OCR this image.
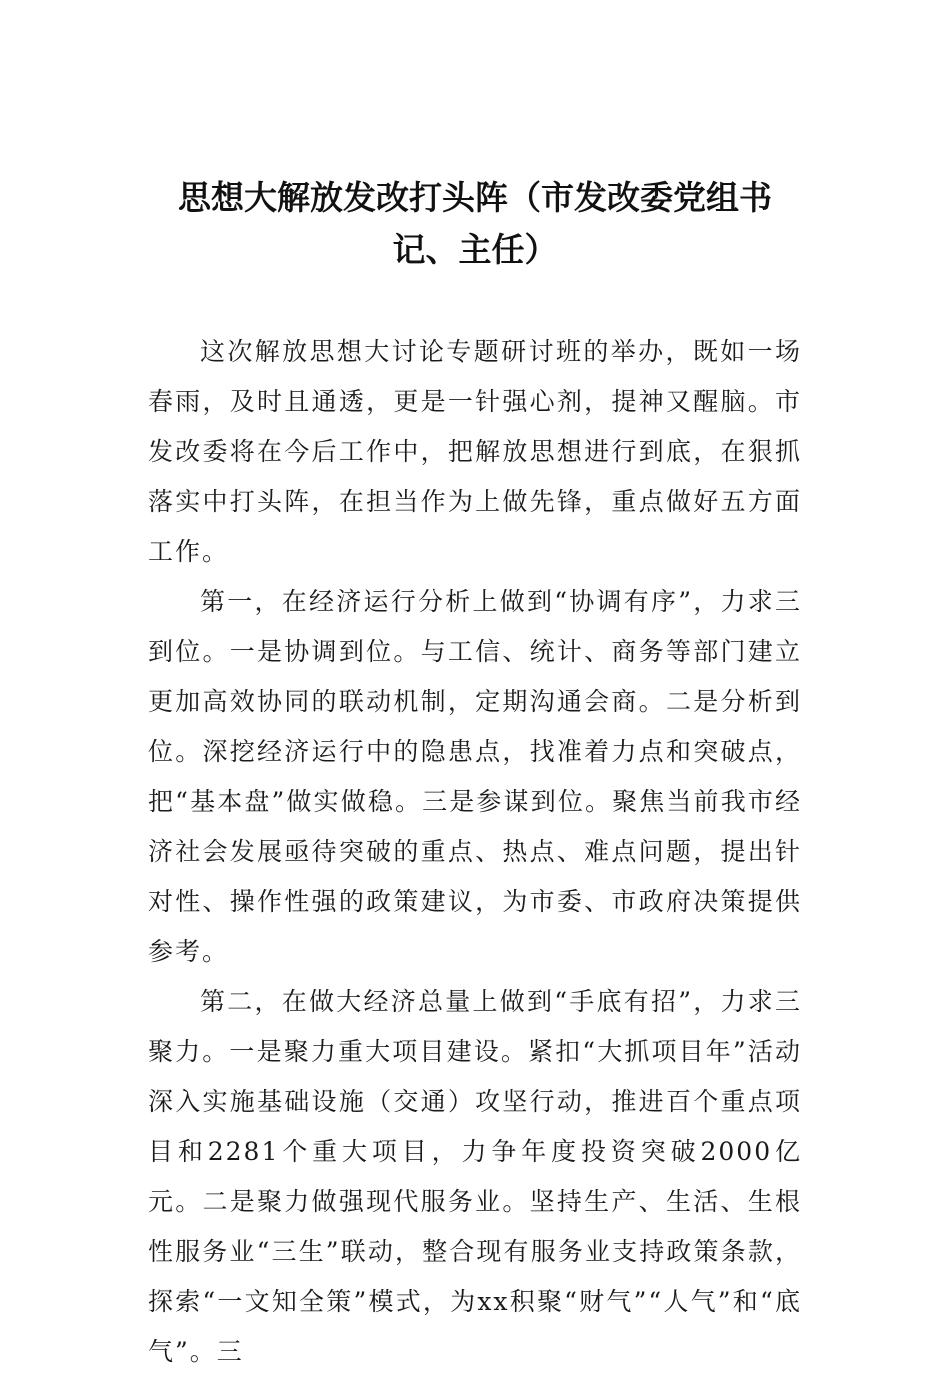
思想大解放发改打头阵（市发改委党组书记、主任）

这次解放思想大讨论专题研讨班的举办，既如一场春雨，及时且通透，更是一针强心剂，提神又醒脑。市发改委将在今后工作中，把解放思想进行到底，在狠抓落实中打头阵，在担当作为上做先锋，重点做好五方面工作。

第一，在经济运行分析上做到“协调有序”，力求三到位。一是协调到位。与工信、统计、商务等部门建立更加高效协同的联动机制，定期沟通会商。二是分析到位。深挖经济运行中的隐患点，找准着力点和突破点，把“基本盘”做实做稳。三是参谋到位。聚焦当前我市经济社会发展亟待突破的重点、热点、难点问题，提出针对性、操作性强的政策建议，为市委、市政府决策提供参考。

第二，在做大经济总量上做到“手底有招”，力求三聚力。一是聚力重大项目建设。紧扣“大抓项目年”活动深入实施基础设施（交通）攻坚行动，推进百个重点项目和2281个重大项目，力争年度投资突破2000亿元。二是聚力做强现代服务业。坚持生产、生活、生根性服务业“三生”联动，整合现有服务业支持政策条款，探索“一文知全策”模式，为xx积聚“财气”“人气”和“底气”。三
